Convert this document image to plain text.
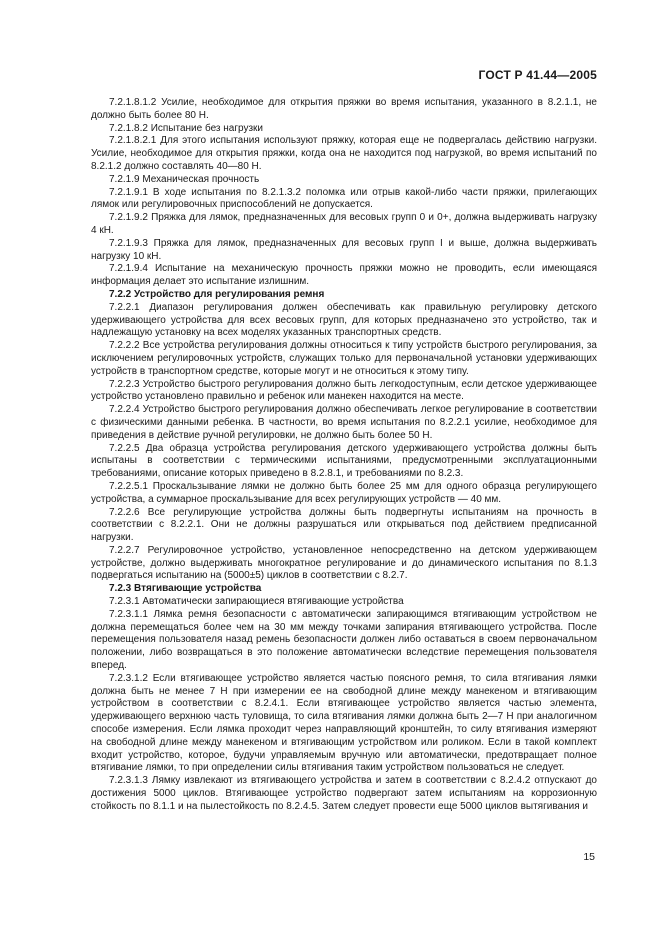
ГОСТ Р 41.44—2005

7.2.1.8.1.2 Усилие, необходимое для открытия пряжки во время испытания, указанного в 8.2.1.1, не должно быть более 80 Н.

7.2.1.8.2 Испытание без нагрузки

7.2.1.8.2.1 Для этого испытания используют пряжку, которая еще не подвергалась действию нагрузки. Усилие, необходимое для открытия пряжки, когда она не находится под нагрузкой, во время испытаний по 8.2.1.2 должно составлять 40—80 Н.

7.2.1.9 Механическая прочность

7.2.1.9.1 В ходе испытания по 8.2.1.3.2 поломка или отрыв какой-либо части пряжки, прилегающих лямок или регулировочных приспособлений не допускается.

7.2.1.9.2 Пряжка для лямок, предназначенных для весовых групп 0 и 0+, должна выдерживать нагрузку 4 кН.

7.2.1.9.3 Пряжка для лямок, предназначенных для весовых групп I и выше, должна выдерживать нагрузку 10 кН.

7.2.1.9.4 Испытание на механическую прочность пряжки можно не проводить, если имеющаяся информация делает это испытание излишним.

7.2.2 Устройство для регулирования ремня

7.2.2.1 Диапазон регулирования должен обеспечивать как правильную регулировку детского удерживающего устройства для всех весовых групп, для которых предназначено это устройство, так и надлежащую установку на всех моделях указанных транспортных средств.

7.2.2.2 Все устройства регулирования должны относиться к типу устройств быстрого регулирования, за исключением регулировочных устройств, служащих только для первоначальной установки удерживающих устройств в транспортном средстве, которые могут и не относиться к этому типу.

7.2.2.3 Устройство быстрого регулирования должно быть легкодоступным, если детское удерживающее устройство установлено правильно и ребенок или манекен находится на месте.

7.2.2.4 Устройство быстрого регулирования должно обеспечивать легкое регулирование в соответствии с физическими данными ребенка. В частности, во время испытания по 8.2.2.1 усилие, необходимое для приведения в действие ручной регулировки, не должно быть более 50 Н.

7.2.2.5 Два образца устройства регулирования детского удерживающего устройства должны быть испытаны в соответствии с термическими испытаниями, предусмотренными эксплуатационными требованиями, описание которых приведено в 8.2.8.1, и требованиями по 8.2.3.

7.2.2.5.1 Проскальзывание лямки не должно быть более 25 мм для одного образца регулирующего устройства, а суммарное проскальзывание для всех регулирующих устройств — 40 мм.

7.2.2.6 Все регулирующие устройства должны быть подвергнуты испытаниям на прочность в соответствии с 8.2.2.1. Они не должны разрушаться или открываться под действием предписанной нагрузки.

7.2.2.7 Регулировочное устройство, установленное непосредственно на детском удерживающем устройстве, должно выдерживать многократное регулирование и до динамического испытания по 8.1.3 подвергаться испытанию на (5000±5) циклов в соответствии с 8.2.7.

7.2.3 Втягивающие устройства

7.2.3.1 Автоматически запирающиеся втягивающие устройства

7.2.3.1.1 Лямка ремня безопасности с автоматически запирающимся втягивающим устройством не должна перемещаться более чем на 30 мм между точками запирания втягивающего устройства. После перемещения пользователя назад ремень безопасности должен либо оставаться в своем первоначальном положении, либо возвращаться в это положение автоматически вследствие перемещения пользователя вперед.

7.2.3.1.2 Если втягивающее устройство является частью поясного ремня, то сила втягивания лямки должна быть не менее 7 Н при измерении ее на свободной длине между манекеном и втягивающим устройством в соответствии с 8.2.4.1. Если втягивающее устройство является частью элемента, удерживающего верхнюю часть туловища, то сила втягивания лямки должна быть 2—7 Н при аналогичном способе измерения. Если лямка проходит через направляющий кронштейн, то силу втягивания измеряют на свободной длине между манекеном и втягивающим устройством или роликом. Если в такой комплект входит устройство, которое, будучи управляемым вручную или автоматически, предотвращает полное втягивание лямки, то при определении силы втягивания таким устройством пользоваться не следует.

7.2.3.1.3 Лямку извлекают из втягивающего устройства и затем в соответствии с 8.2.4.2 отпускают до достижения 5000 циклов. Втягивающее устройство подвергают затем испытаниям на коррозионную стойкость по 8.1.1 и на пылестойкость по 8.2.4.5. Затем следует провести еще 5000 циклов вытягивания и

15
